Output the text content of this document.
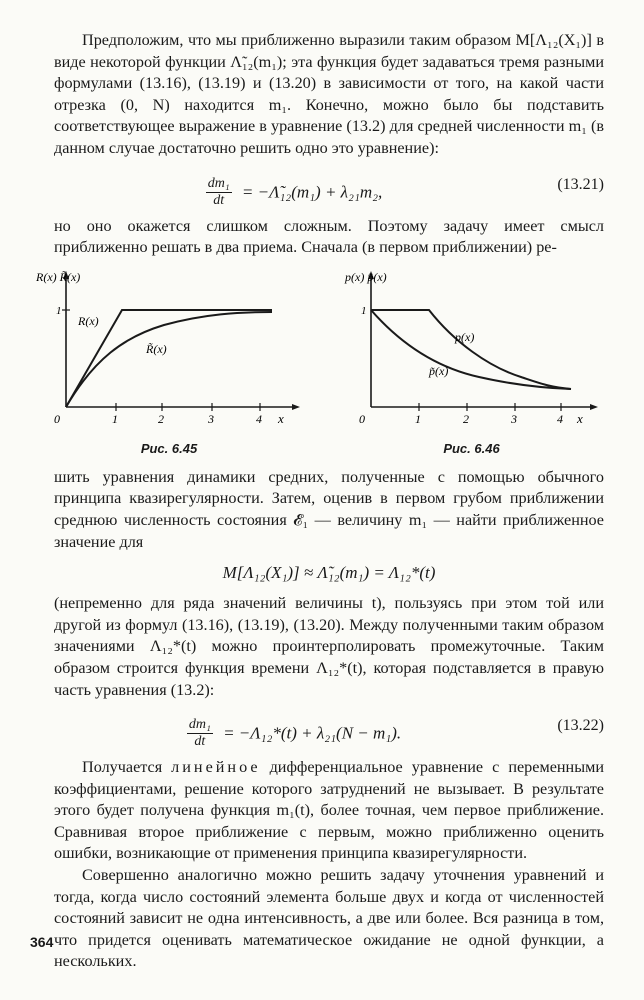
Предположим, что мы приближенно выразили таким образом M[Λ₁₂(X₁)] в виде некоторой функции Λ̃₁₂(m₁); эта функция будет задаваться тремя разными формулами (13.16), (13.19) и (13.20) в зависимости от того, на какой части отрезка (0, N) находится m₁. Конечно, можно было бы подставить соответствующее выражение в уравнение (13.2) для средней численности m₁ (в данном случае достаточно решить одно это уравнение):

$\frac{\text{dm₁}}{dt}$ = −Λ̃₁₂(m₁) + λ₂₁m₂,	(13.21)

но оно окажется слишком сложным. Поэтому задачу имеет смысл приближенно решать в два приема. Сначала (в первом приближении) ре-

1
1	2	3	4
0	x
R(x) R̃(x)
R(x)
R̃(x)
Рис. 6.45
1
1	2	3	4
0	x
p(x) p̃(x)
p(x)
p̃(x)
Рис. 6.46

шить уравнения динамики средних, полученные с помощью обычного принципа квазирегулярности. Затем, оценив в первом грубом приближении среднюю численность состояния 𝓔₁ — величину m₁ — найти приближенное значение для

M[Λ₁₂(X₁)] ≈ Λ̃₁₂(m₁) = Λ₁₂*(t)

(непременно для ряда значений величины t), пользуясь при этом той или другой из формул (13.16), (13.19), (13.20). Между полученными таким образом значениями Λ₁₂*(t) можно проинтерполировать промежуточные. Таким образом строится функция времени Λ₁₂*(t), которая подставляется в правую часть уравнения (13.2):

$\frac{\text{dm₁}}{dt} = -\Lambda_{12}*(t) + \lambda_{21}(N - m_1)$.	(13.22)

Получается линейное дифференциальное уравнение с переменными коэффициентами, решение которого затруднений не вызывает. В результате этого будет получена функция m₁(t), более точная, чем первое приближение. Сравнивая второе приближение с первым, можно приближенно оценить ошибки, возникающие от применения принципа квазирегулярности.

Совершенно аналогично можно решить задачу уточнения уравнений и тогда, когда число состояний элемента больше двух и когда от численностей состояний зависит не одна интенсивность, а две или более. Вся разница в том, что придется оценивать математическое ожидание не одной функции, а нескольких.

364
